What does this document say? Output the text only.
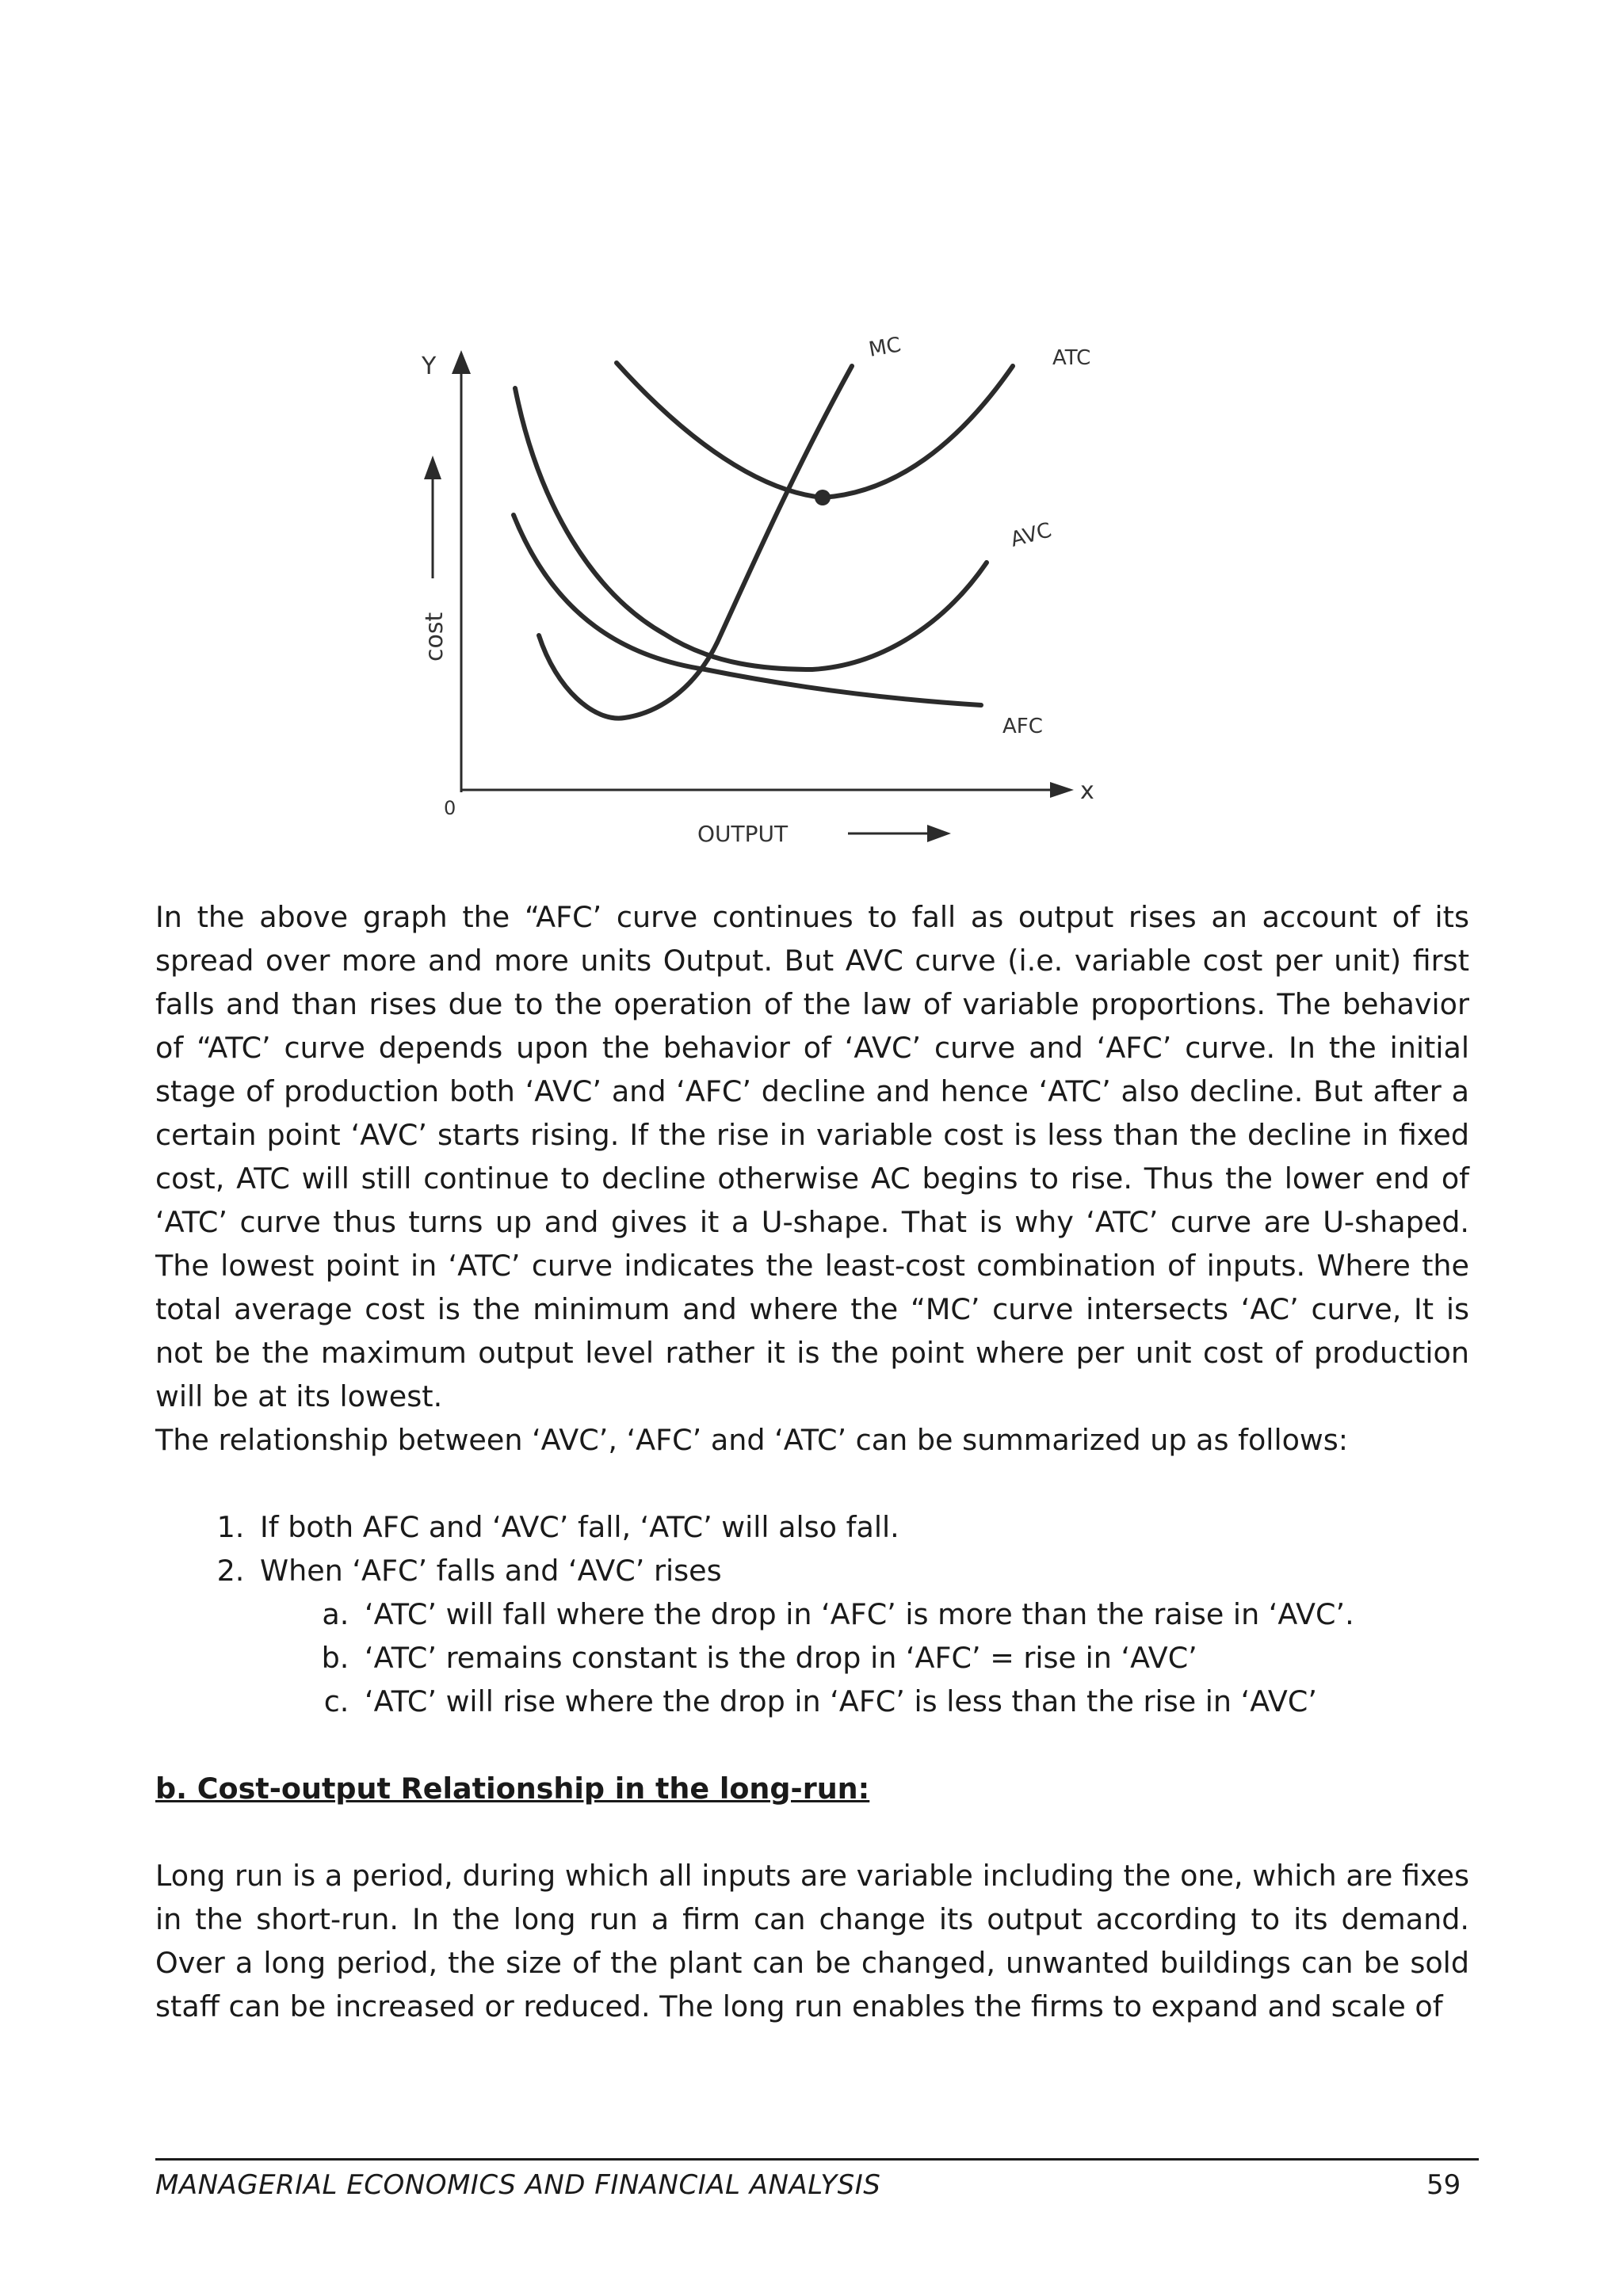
Y
x
0
cost
OUTPUT
MC	ATC
AVC
AFC

In the above graph the “AFC’ curve continues to fall as output rises an account of its spread over more and more units Output. But AVC curve (i.e. variable cost per unit) first falls and than rises due to the operation of the law of variable proportions. The behavior of “ATC’ curve depends upon the behavior of ‘AVC’ curve and ‘AFC’ curve. In the initial stage of production both ‘AVC’ and ‘AFC’ decline and hence ‘ATC’ also decline. But after a certain point ‘AVC’ starts rising. If the rise in variable cost is less than the decline in fixed cost, ATC will still continue to decline otherwise AC begins to rise. Thus the lower end of ‘ATC’ curve thus turns up and gives it a U-shape. That is why ‘ATC’ curve are U-shaped. The lowest point in ‘ATC’ curve indicates the least-cost combination of inputs. Where the total average cost is the minimum and where the “MC’ curve intersects ‘AC’ curve, It is not be the maximum output level rather it is the point where per unit cost of production will be at its lowest.

The relationship between ‘AVC’, ‘AFC’ and ‘ATC’ can be summarized up as follows:

1. If both AFC and ‘AVC’ fall, ‘ATC’ will also fall.
2. When ‘AFC’ falls and ‘AVC’ rises
a. ‘ATC’ will fall where the drop in ‘AFC’ is more than the raise in ‘AVC’.
b. ‘ATC’ remains constant is the drop in ‘AFC’ = rise in ‘AVC’
c. ‘ATC’ will rise where the drop in ‘AFC’ is less than the rise in ‘AVC’

b. Cost-output Relationship in the long-run:

Long run is a period, during which all inputs are variable including the one, which are fixes in the short-run. In the long run a firm can change its output according to its demand. Over a long period, the size of the plant can be changed, unwanted buildings can be sold staff can be increased or reduced. The long run enables the firms to expand and scale of

MANAGERIAL ECONOMICS AND FINANCIAL ANALYSIS	59
